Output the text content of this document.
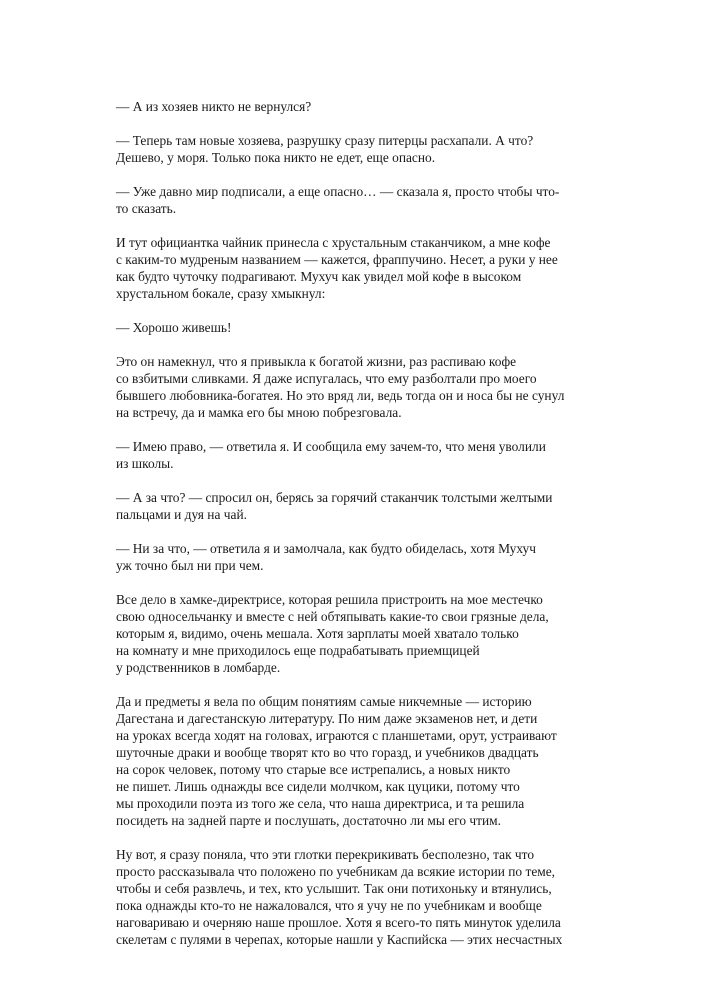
— А из хозяев никто не вернулся?
— Теперь там новые хозяева, разрушку сразу питерцы расхапали. А что?
Дешево, у моря. Только пока никто не едет, еще опасно.
— Уже давно мир подписали, а еще опасно… — сказала я, просто чтобы что-
то сказать.
И тут официантка чайник принесла с хрустальным стаканчиком, а мне кофе
с каким-то мудреным названием — кажется, фраппучино. Несет, а руки у нее
как будто чуточку подрагивают. Мухуч как увидел мой кофе в высоком
хрустальном бокале, сразу хмыкнул:
— Хорошо живешь!
Это он намекнул, что я привыкла к богатой жизни, раз распиваю кофе
со взбитыми сливками. Я даже испугалась, что ему разболтали про моего
бывшего любовника-богатея. Но это вряд ли, ведь тогда он и носа бы не сунул
на встречу, да и мамка его бы мною побрезговала.
— Имею право, — ответила я. И сообщила ему зачем-то, что меня уволили
из школы.
— А за что? — спросил он, берясь за горячий стаканчик толстыми желтыми
пальцами и дуя на чай.
— Ни за что, — ответила я и замолчала, как будто обиделась, хотя Мухуч
уж точно был ни при чем.
Все дело в хамке-директрисе, которая решила пристроить на мое местечко
свою односельчанку и вместе с ней обтяпывать какие-то свои грязные дела,
которым я, видимо, очень мешала. Хотя зарплаты моей хватало только
на комнату и мне приходилось еще подрабатывать приемщицей
у родственников в ломбарде.
Да и предметы я вела по общим понятиям самые никчемные — историю
Дагестана и дагестанскую литературу. По ним даже экзаменов нет, и дети
на уроках всегда ходят на головах, играются с планшетами, орут, устраивают
шуточные драки и вообще творят кто во что горазд, и учебников двадцать
на сорок человек, потому что старые все истрепались, а новых никто
не пишет. Лишь однажды все сидели молчком, как цуцики, потому что
мы проходили поэта из того же села, что наша директриса, и та решила
посидеть на задней парте и послушать, достаточно ли мы его чтим.
Ну вот, я сразу поняла, что эти глотки перекрикивать бесполезно, так что
просто рассказывала что положено по учебникам да всякие истории по теме,
чтобы и себя развлечь, и тех, кто услышит. Так они потихоньку и втянулись,
пока однажды кто-то не нажаловался, что я учу не по учебникам и вообще
наговариваю и очерняю наше прошлое. Хотя я всего-то пять минуток уделила
скелетам с пулями в черепах, которые нашли у Каспийска — этих несчастных
